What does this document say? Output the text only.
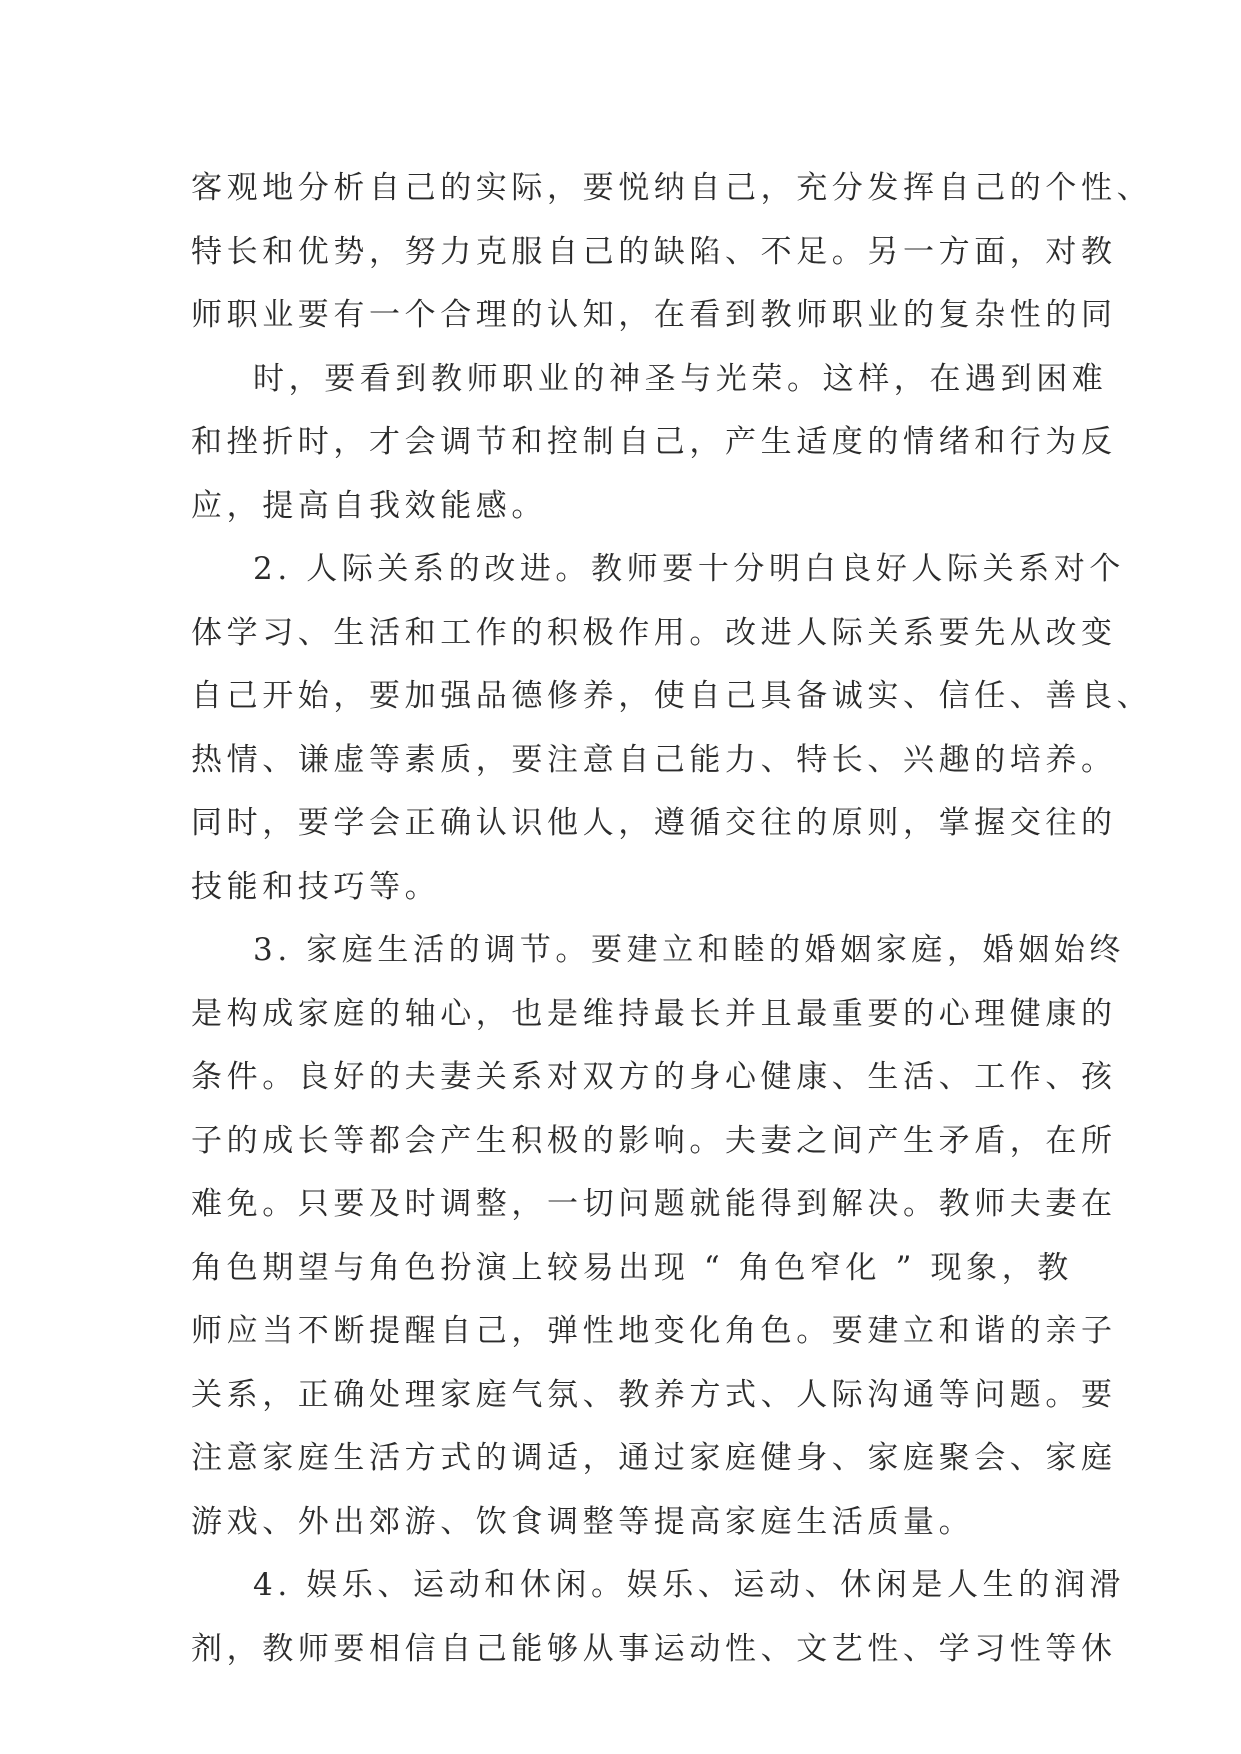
客观地分析自己的实际，要悦纳自己，充分发挥自己的个性、
特长和优势，努力克服自己的缺陷、不足。另一方面，对教
师职业要有一个合理的认知，在看到教师职业的复杂性的同
时，要看到教师职业的神圣与光荣。这样，在遇到困难
和挫折时，才会调节和控制自己，产生适度的情绪和行为反
应，提高自我效能感。
2. 人际关系的改进。教师要十分明白良好人际关系对个
体学习、生活和工作的积极作用。改进人际关系要先从改变
自己开始，要加强品德修养，使自己具备诚实、信任、善良、
热情、谦虚等素质，要注意自己能力、特长、兴趣的培养。
同时，要学会正确认识他人，遵循交往的原则，掌握交往的
技能和技巧等。
3. 家庭生活的调节。要建立和睦的婚姻家庭，婚姻始终
是构成家庭的轴心，也是维持最长并且最重要的心理健康的
条件。良好的夫妻关系对双方的身心健康、生活、工作、孩
子的成长等都会产生积极的影响。夫妻之间产生矛盾，在所
难免。只要及时调整，一切问题就能得到解决。教师夫妻在
角色期望与角色扮演上较易出现 “ 角色窄化 ” 现象，教
师应当不断提醒自己，弹性地变化角色。要建立和谐的亲子
关系，正确处理家庭气氛、教养方式、人际沟通等问题。要
注意家庭生活方式的调适，通过家庭健身、家庭聚会、家庭
游戏、外出郊游、饮食调整等提高家庭生活质量。
4. 娱乐、运动和休闲。娱乐、运动、休闲是人生的润滑
剂，教师要相信自己能够从事运动性、文艺性、学习性等休
